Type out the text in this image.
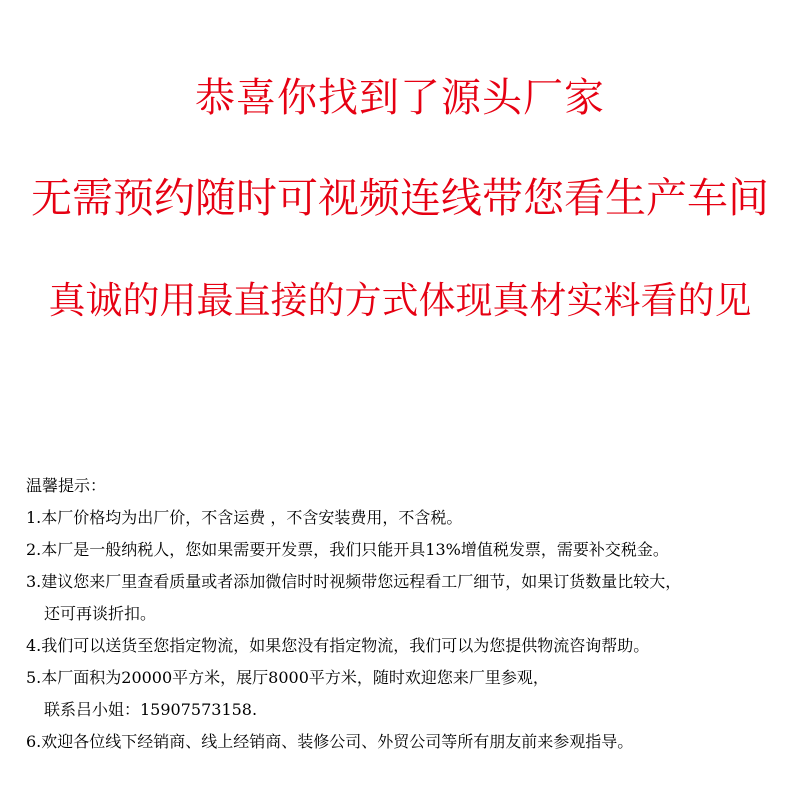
恭喜你找到了源头厂家
无需预约随时可视频连线带您看生产车间
真诚的用最直接的方式体现真材实料看的见
温馨提示：
1.本厂价格均为出厂价，不含运费 ，不含安装费用，不含税。
2.本厂是一般纳税人，您如果需要开发票，我们只能开具13%增值税发票，需要补交税金。
3.建议您来厂里查看质量或者添加微信时时视频带您远程看工厂细节，如果订货数量比较大，
还可再谈折扣。
4.我们可以送货至您指定物流，如果您没有指定物流，我们可以为您提供物流咨询帮助。
5.本厂面积为20000平方米，展厅8000平方米，随时欢迎您来厂里参观，
联系吕小姐：15907573158.
6.欢迎各位线下经销商、线上经销商、装修公司、外贸公司等所有朋友前来参观指导。
